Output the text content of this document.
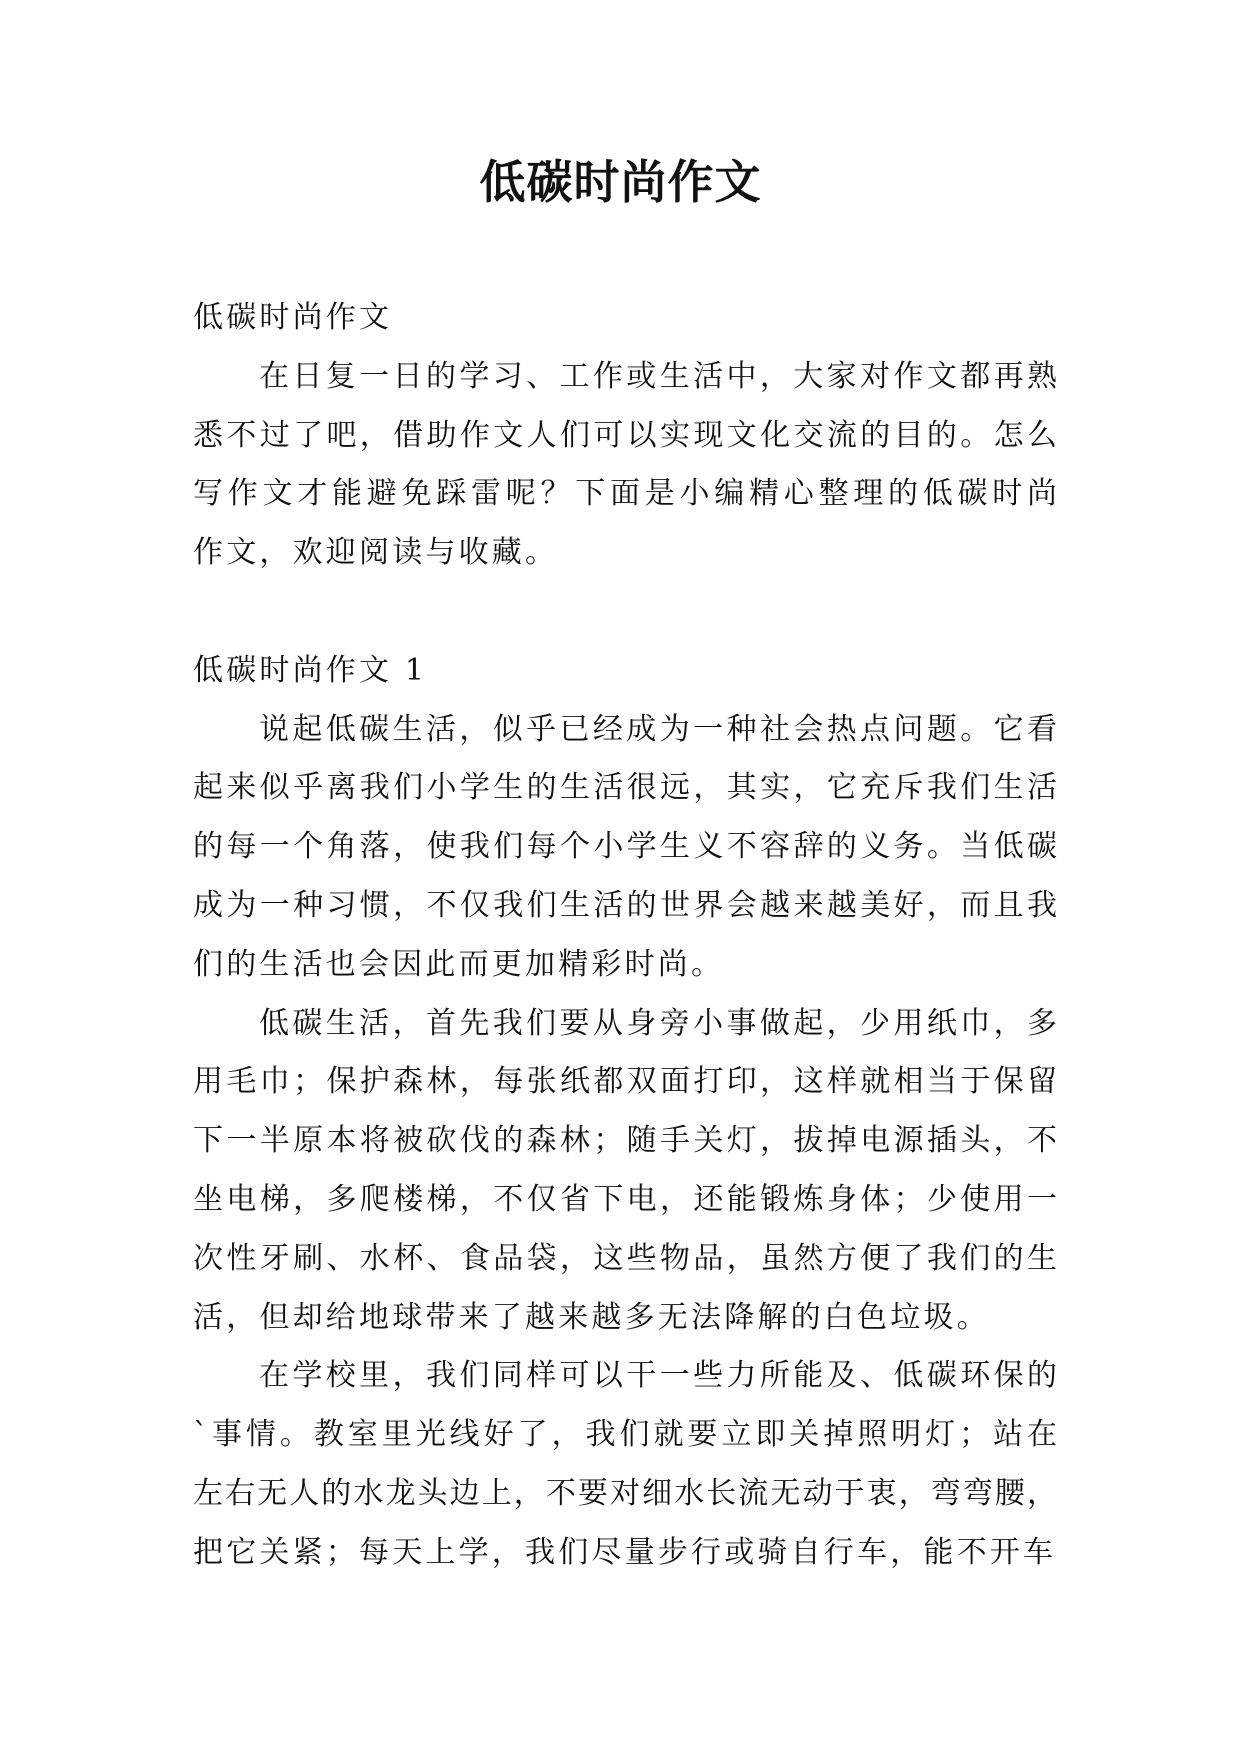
低碳时尚作文
低碳时尚作文
在日复一日的学习、工作或生活中，大家对作文都再熟
悉不过了吧，借助作文人们可以实现文化交流的目的。怎么
写作文才能避免踩雷呢？下面是小编精心整理的低碳时尚
作文，欢迎阅读与收藏。
低碳时尚作文 1
说起低碳生活，似乎已经成为一种社会热点问题。它看
起来似乎离我们小学生的生活很远，其实，它充斥我们生活
的每一个角落，使我们每个小学生义不容辞的义务。当低碳
成为一种习惯，不仅我们生活的世界会越来越美好，而且我
们的生活也会因此而更加精彩时尚。
低碳生活，首先我们要从身旁小事做起，少用纸巾，多
用毛巾；保护森林，每张纸都双面打印，这样就相当于保留
下一半原本将被砍伐的森林；随手关灯，拔掉电源插头，不
坐电梯，多爬楼梯，不仅省下电，还能锻炼身体；少使用一
次性牙刷、水杯、食品袋，这些物品，虽然方便了我们的生
活，但却给地球带来了越来越多无法降解的白色垃圾。
在学校里，我们同样可以干一些力所能及、低碳环保的
`事情。教室里光线好了，我们就要立即关掉照明灯；站在
左右无人的水龙头边上，不要对细水长流无动于衷，弯弯腰，
把它关紧；每天上学，我们尽量步行或骑自行车，能不开车
